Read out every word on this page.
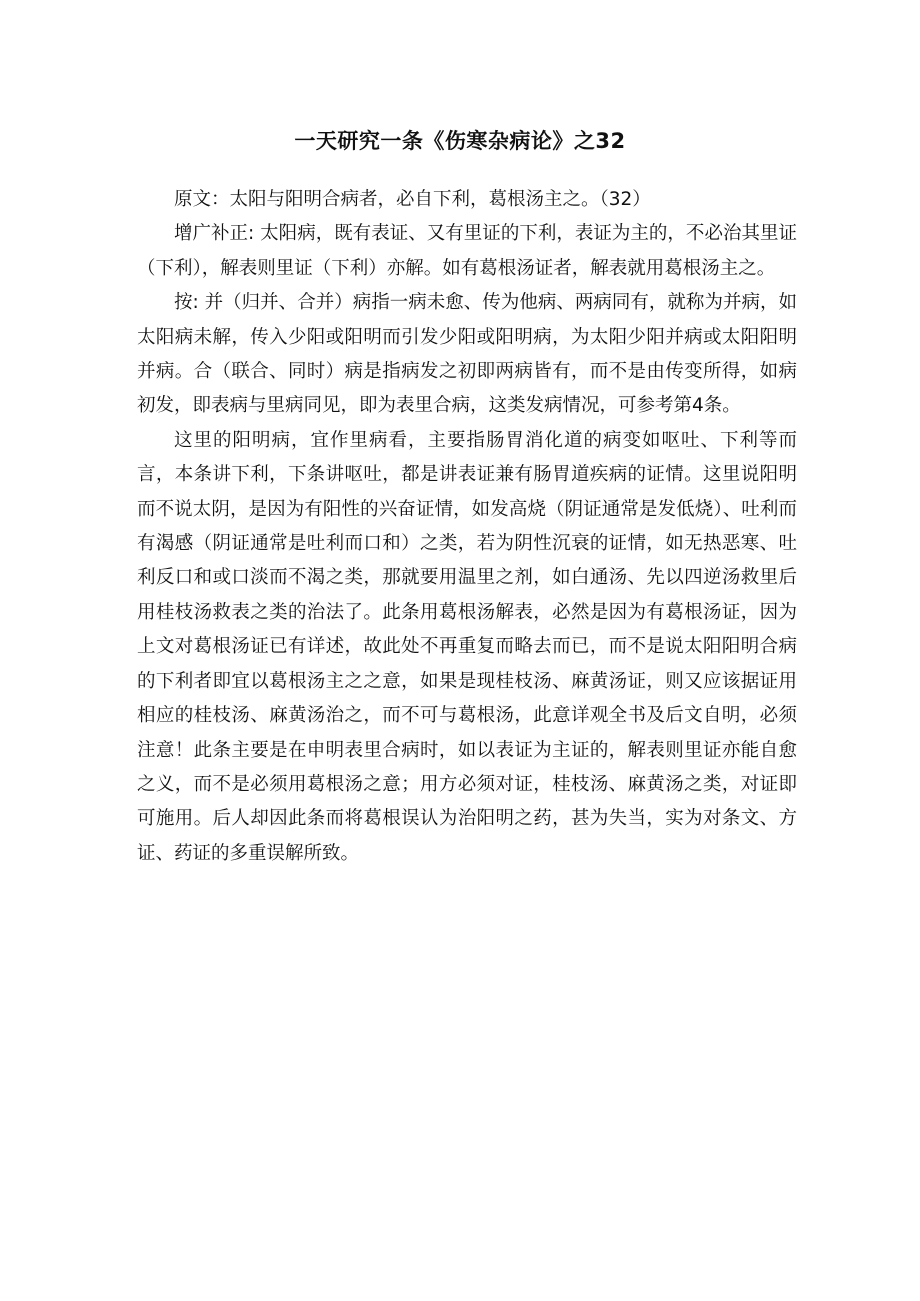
一天研究一条《伤寒杂病论》之32

原文：太阳与阳明合病者，必自下利，葛根汤主之。（32）

增广补正: 太阳病，既有表证、又有里证的下利，表证为主的，不必治其里证（下利），解表则里证（下利）亦解。如有葛根汤证者，解表就用葛根汤主之。

按: 并（归并、合并）病指一病未愈、传为他病、两病同有，就称为并病，如太阳病未解，传入少阳或阳明而引发少阳或阳明病，为太阳少阳并病或太阳阳明并病。合（联合、同时）病是指病发之初即两病皆有，而不是由传变所得，如病初发，即表病与里病同见，即为表里合病，这类发病情况，可参考第4条。

这里的阳明病，宜作里病看，主要指肠胃消化道的病变如呕吐、下利等而言，本条讲下利，下条讲呕吐，都是讲表证兼有肠胃道疾病的证情。这里说阳明而不说太阴，是因为有阳性的兴奋证情，如发高烧（阴证通常是发低烧）、吐利而有渴感（阴证通常是吐利而口和）之类，若为阴性沉衰的证情，如无热恶寒、吐利反口和或口淡而不渴之类，那就要用温里之剂，如白通汤、先以四逆汤救里后用桂枝汤救表之类的治法了。此条用葛根汤解表，必然是因为有葛根汤证，因为上文对葛根汤证已有详述，故此处不再重复而略去而已，而不是说太阳阳明合病的下利者即宜以葛根汤主之之意，如果是现桂枝汤、麻黄汤证，则又应该据证用相应的桂枝汤、麻黄汤治之，而不可与葛根汤，此意详观全书及后文自明，必须注意！此条主要是在申明表里合病时，如以表证为主证的，解表则里证亦能自愈之义，而不是必须用葛根汤之意；用方必须对证，桂枝汤、麻黄汤之类，对证即可施用。后人却因此条而将葛根误认为治阳明之药，甚为失当，实为对条文、方证、药证的多重误解所致。
